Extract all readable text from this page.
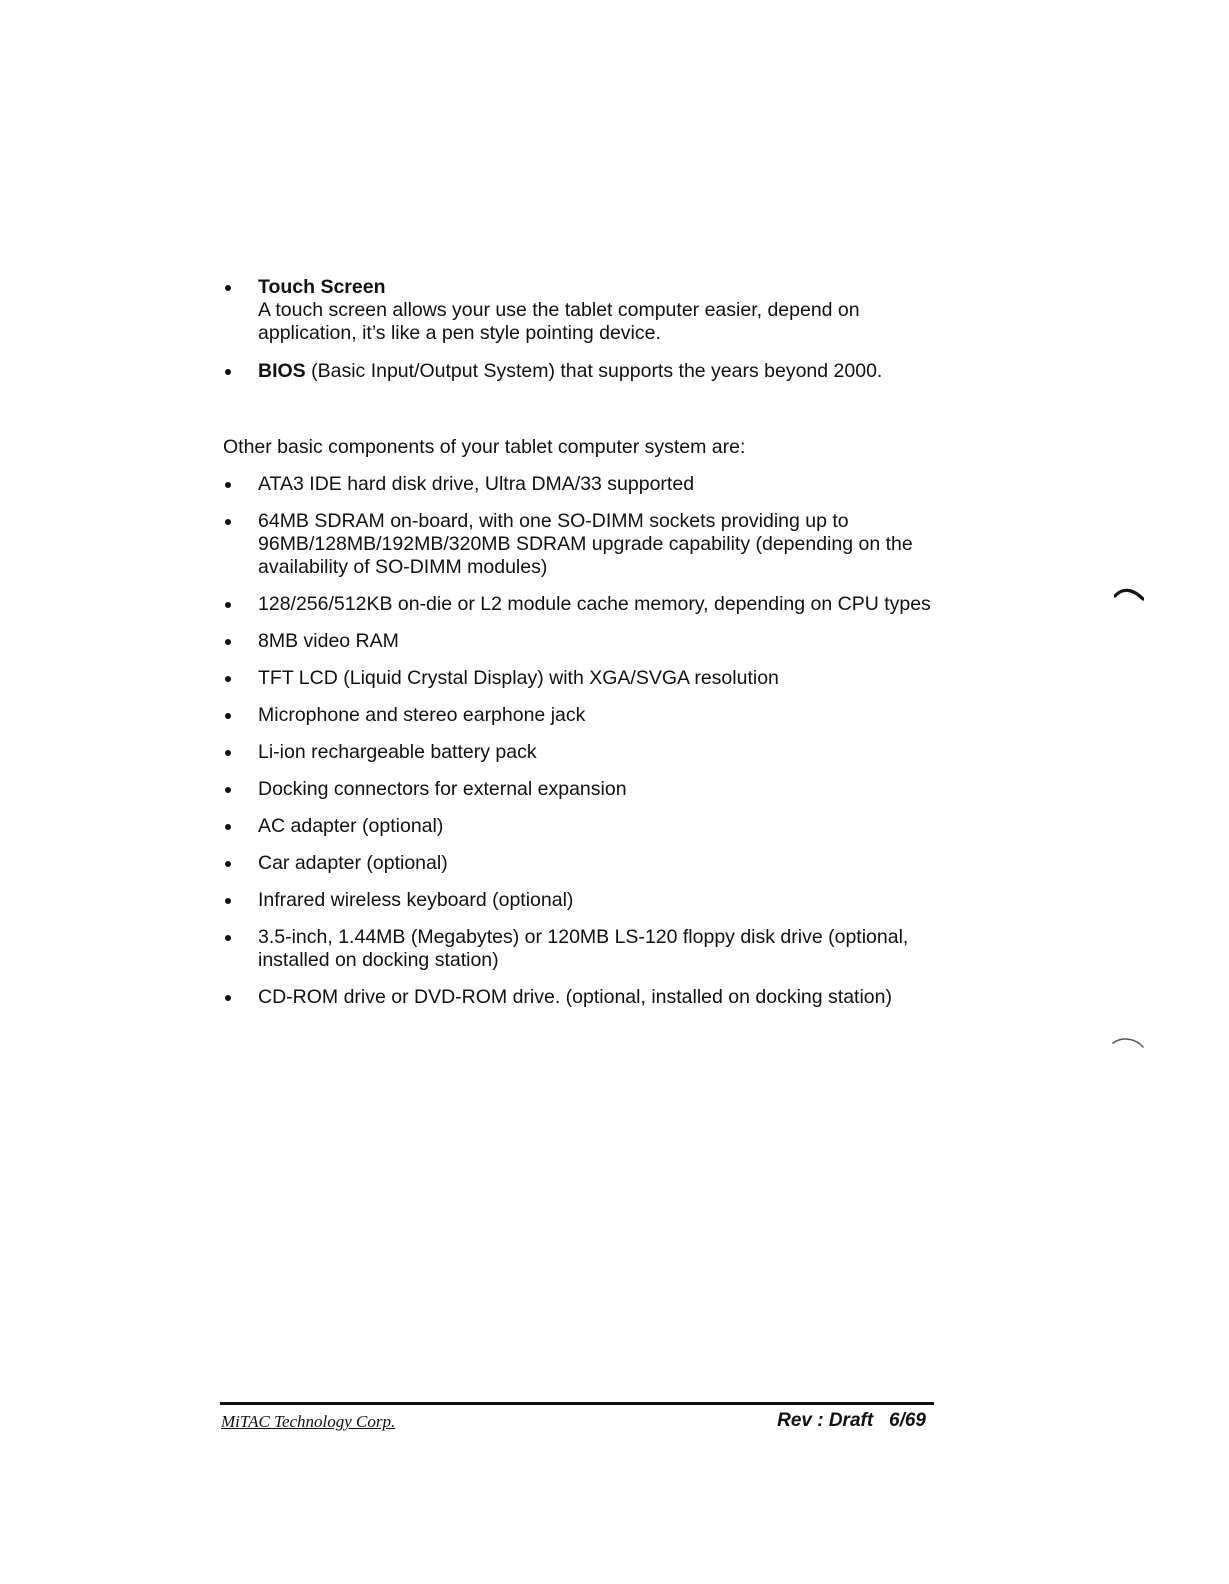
Touch Screen
A touch screen allows your use the tablet computer easier, depend on
application, it’s like a pen style pointing device.
BIOS (Basic Input/Output System) that supports the years beyond 2000.
Other basic components of your tablet computer system are:
ATA3 IDE hard disk drive, Ultra DMA/33 supported
64MB SDRAM on-board, with one SO-DIMM sockets providing up to 96MB/128MB/192MB/320MB SDRAM upgrade capability (depending on the availability of SO-DIMM modules)
128/256/512KB on-die or L2 module cache memory, depending on CPU types
8MB video RAM
TFT LCD (Liquid Crystal Display) with XGA/SVGA resolution
Microphone and stereo earphone jack
Li-ion rechargeable battery pack
Docking connectors for external expansion
AC adapter (optional)
Car adapter (optional)
Infrared wireless keyboard (optional)
3.5-inch, 1.44MB (Megabytes) or 120MB LS-120 floppy disk drive (optional, installed on docking station)
CD-ROM drive or DVD-ROM drive. (optional, installed on docking station)
MiTAC Technology Corp.	Rev : Draft 6/69
